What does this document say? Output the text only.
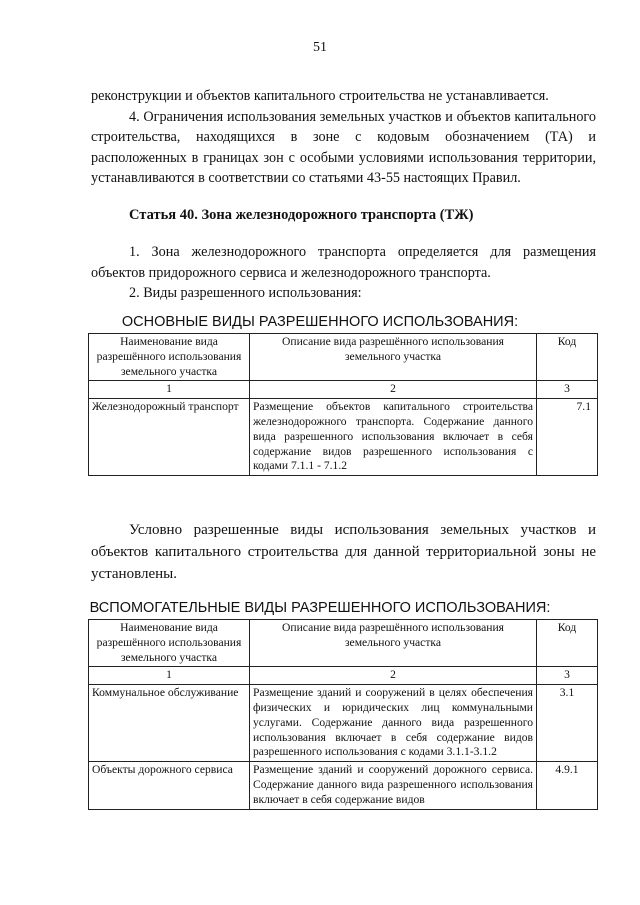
51

реконструкции и объектов капитального строительства не устанавливается.

4. Ограничения использования земельных участков и объектов капитального строительства, находящихся в зоне с кодовым обозначением (ТА) и расположенных в границах зон с особыми условиями использования территории, устанавливаются в соответствии со статьями 43-55 настоящих Правил.

Статья 40. Зона железнодорожного транспорта (ТЖ)

1. Зона железнодорожного транспорта определяется для размещения объектов придорожного сервиса и железнодорожного транспорта.

2. Виды разрешенного использования:

ОСНОВНЫЕ ВИДЫ РАЗРЕШЕННОГО ИСПОЛЬЗОВАНИЯ:
Наименование вида разрешённого использования земельного участка	Описание вида разрешённого использования земельного участка	Код
1	2	3
Железнодорожный транспорт	Размещение объектов капитального строительства железнодорожного транспорта. Содержание данного вида разрешенного использования включает в себя содержание видов разрешенного использования с кодами 7.1.1 - 7.1.2	7.1

Условно разрешенные виды использования земельных участков и объектов капитального строительства для данной территориальной зоны не установлены.

ВСПОМОГАТЕЛЬНЫЕ ВИДЫ РАЗРЕШЕННОГО ИСПОЛЬЗОВАНИЯ:
Наименование вида разрешённого использования земельного участка	Описание вида разрешённого использования земельного участка	Код
1	2	3
Коммунальное обслуживание	Размещение зданий и сооружений в целях обеспечения физических и юридических лиц коммунальными услугами. Содержание данного вида разрешенного использования включает в себя содержание видов разрешенного использования с кодами 3.1.1-3.1.2	3.1
Объекты дорожного сервиса	Размещение зданий и сооружений дорожного сервиса. Содержание данного вида разрешенного использования включает в себя содержание видов	4.9.1
